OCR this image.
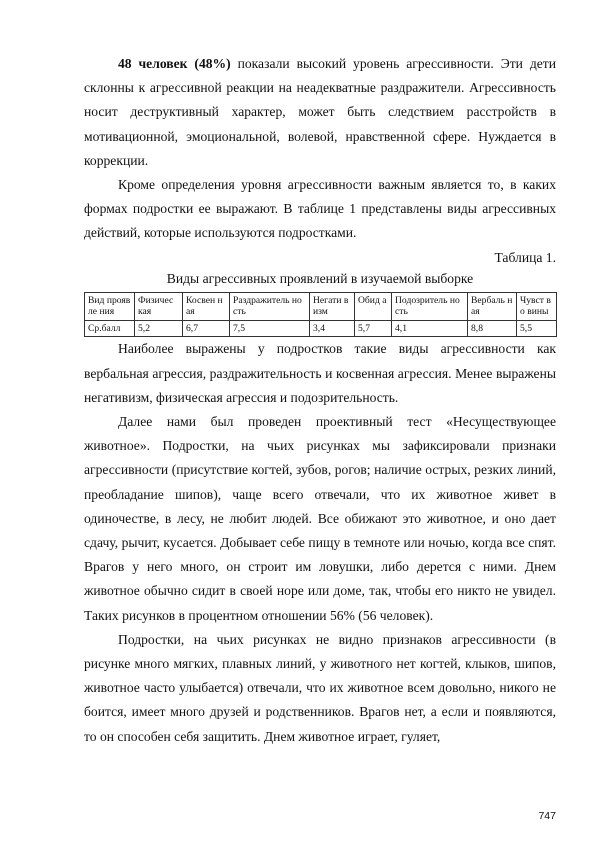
48 человек (48%) показали высокий уровень агрессивности. Эти дети склонны к агрессивной реакции на неадекватные раздражители. Агрессивность носит деструктивный характер, может быть следствием расстройств в мотивационной, эмоциональной, волевой, нравственной сфере. Нуждается в коррекции.

Кроме определения уровня агрессивности важным является то, в каких формах подростки ее выражают. В таблице 1 представлены виды агрессивных действий, которые используются подростками.

Таблица 1.
Виды агрессивных проявлений в изучаемой выборке
Вид проявле ния	Физичес кая	Косвен ная	Раздражитель ность	Негати визм	Обид а	Подозритель ность	Вербаль ная	Чувст во вины
Ср.балл	5,2	6,7	7,5	3,4	5,7	4,1	8,8	5,5

Наиболее выражены у подростков такие виды агрессивности как вербальная агрессия, раздражительность и косвенная агрессия. Менее выражены негативизм, физическая агрессия и подозрительность.

Далее нами был проведен проективный тест «Несуществующее животное». Подростки, на чьих рисунках мы зафиксировали признаки агрессивности (присутствие когтей, зубов, рогов; наличие острых, резких линий, преобладание шипов), чаще всего отвечали, что их животное живет в одиночестве, в лесу, не любит людей. Все обижают это животное, и оно дает сдачу, рычит, кусается. Добывает себе пищу в темноте или ночью, когда все спят. Врагов у него много, он строит им ловушки, либо дерется с ними. Днем животное обычно сидит в своей норе или доме, так, чтобы его никто не увидел. Таких рисунков в процентном отношении 56% (56 человек).

Подростки, на чьих рисунках не видно признаков агрессивности (в рисунке много мягких, плавных линий, у животного нет когтей, клыков, шипов, животное часто улыбается) отвечали, что их животное всем довольно, никого не боится, имеет много друзей и родственников. Врагов нет, а если и появляются, то он способен себя защитить. Днем животное играет, гуляет,

747
